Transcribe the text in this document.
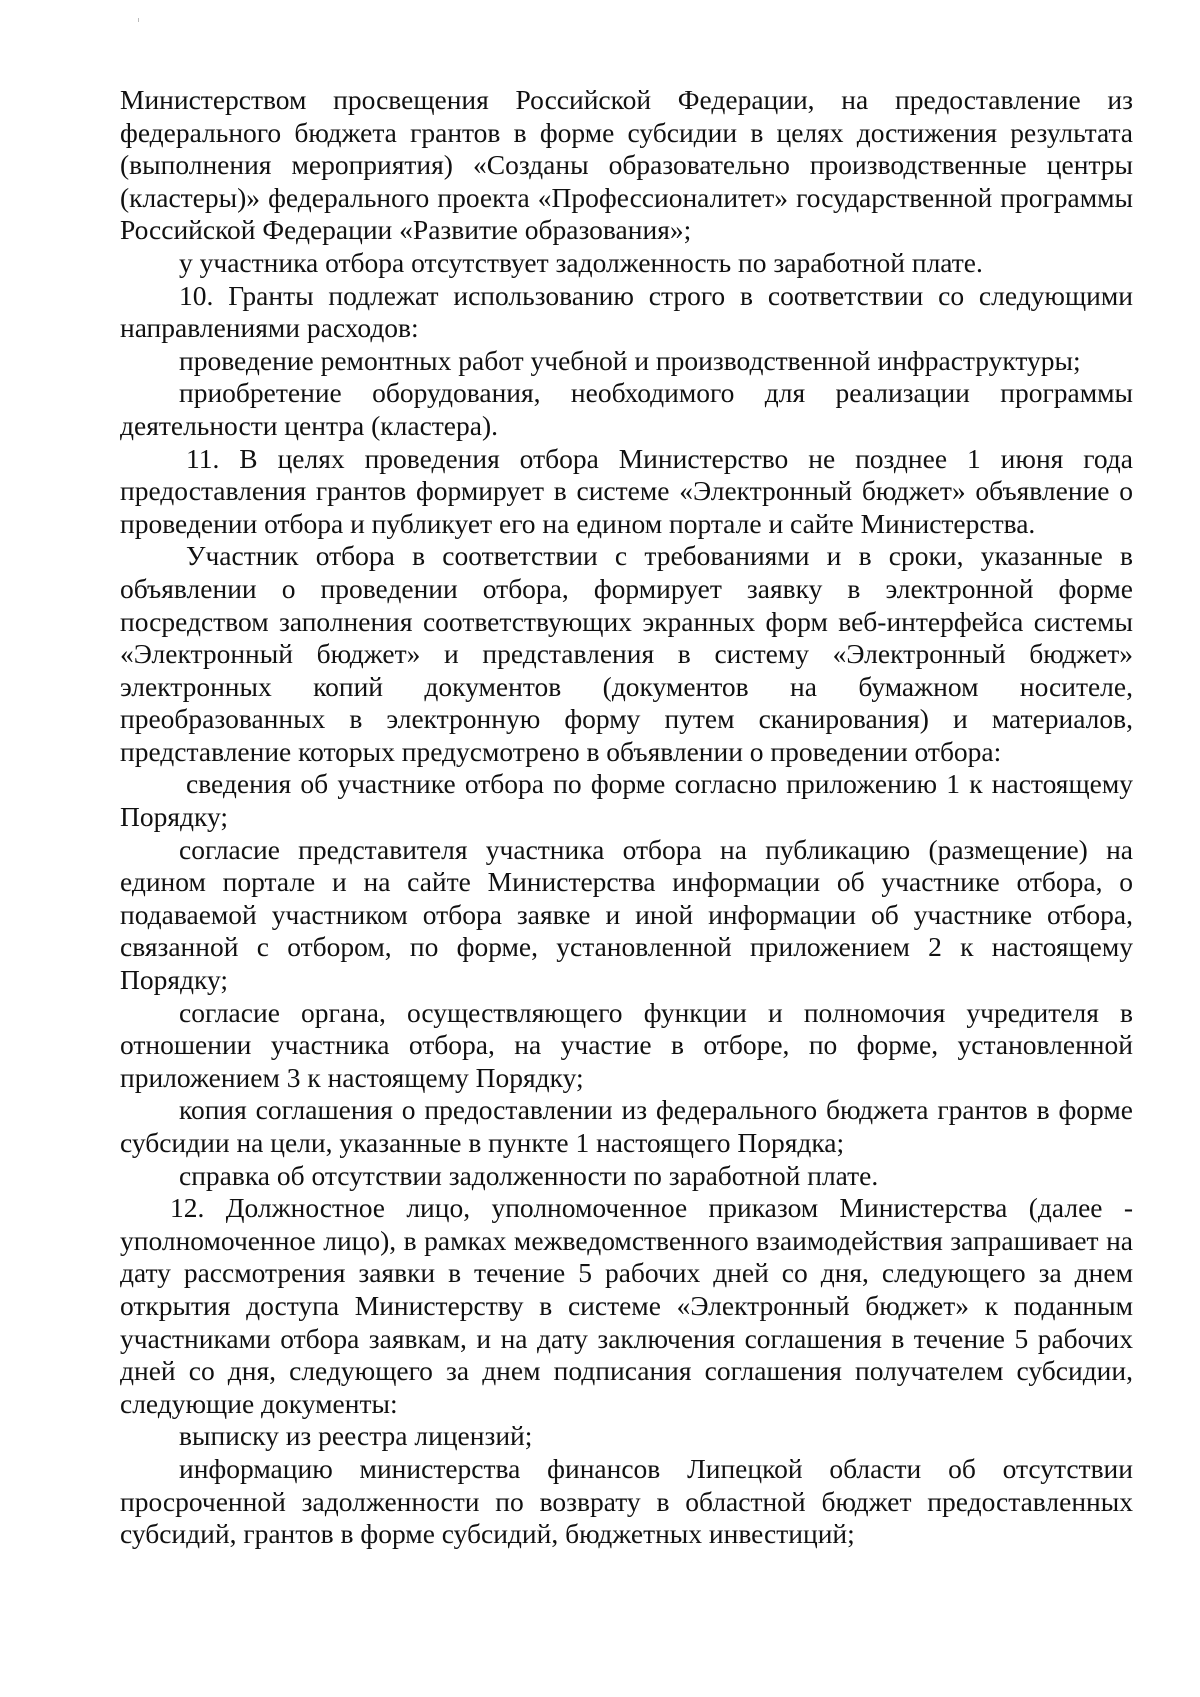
Министерством просвещения Российской Федерации, на предоставление из федерального бюджета грантов в форме субсидии в целях достижения результата (выполнения мероприятия) «Созданы образовательно производственные центры (кластеры)» федерального проекта «Профессионалитет» государственной программы Российской Федерации «Развитие образования»;

у участника отбора отсутствует задолженность по заработной плате.

10. Гранты подлежат использованию строго в соответствии со следующими направлениями расходов:

проведение ремонтных работ учебной и производственной инфраструктуры;

приобретение оборудования, необходимого для реализации программы деятельности центра (кластера).

11. В целях проведения отбора Министерство не позднее 1 июня года предоставления грантов формирует в системе «Электронный бюджет» объявление о проведении отбора и публикует его на едином портале и сайте Министерства.

Участник отбора в соответствии с требованиями и в сроки, указанные в объявлении о проведении отбора, формирует заявку в электронной форме посредством заполнения соответствующих экранных форм веб-интерфейса системы «Электронный бюджет» и представления в систему «Электронный бюджет» электронных копий документов (документов на бумажном носителе, преобразованных в электронную форму путем сканирования) и материалов, представление которых предусмотрено в объявлении о проведении отбора:

сведения об участнике отбора по форме согласно приложению 1 к настоящему Порядку;

согласие представителя участника отбора на публикацию (размещение) на едином портале и на сайте Министерства информации об участнике отбора, о подаваемой участником отбора заявке и иной информации об участнике отбора, связанной с отбором, по форме, установленной приложением 2 к настоящему Порядку;

согласие органа, осуществляющего функции и полномочия учредителя в отношении участника отбора, на участие в отборе, по форме, установленной приложением 3 к настоящему Порядку;

копия соглашения о предоставлении из федерального бюджета грантов в форме субсидии на цели, указанные в пункте 1 настоящего Порядка;

справка об отсутствии задолженности по заработной плате.

12. Должностное лицо, уполномоченное приказом Министерства (далее - уполномоченное лицо), в рамках межведомственного взаимодействия запрашивает на дату рассмотрения заявки в течение 5 рабочих дней со дня, следующего за днем открытия доступа Министерству в системе «Электронный бюджет» к поданным участниками отбора заявкам, и на дату заключения соглашения в течение 5 рабочих дней со дня, следующего за днем подписания соглашения получателем субсидии, следующие документы:

выписку из реестра лицензий;

информацию министерства финансов Липецкой области об отсутствии просроченной задолженности по возврату в областной бюджет предоставленных субсидий, грантов в форме субсидий, бюджетных инвестиций;
